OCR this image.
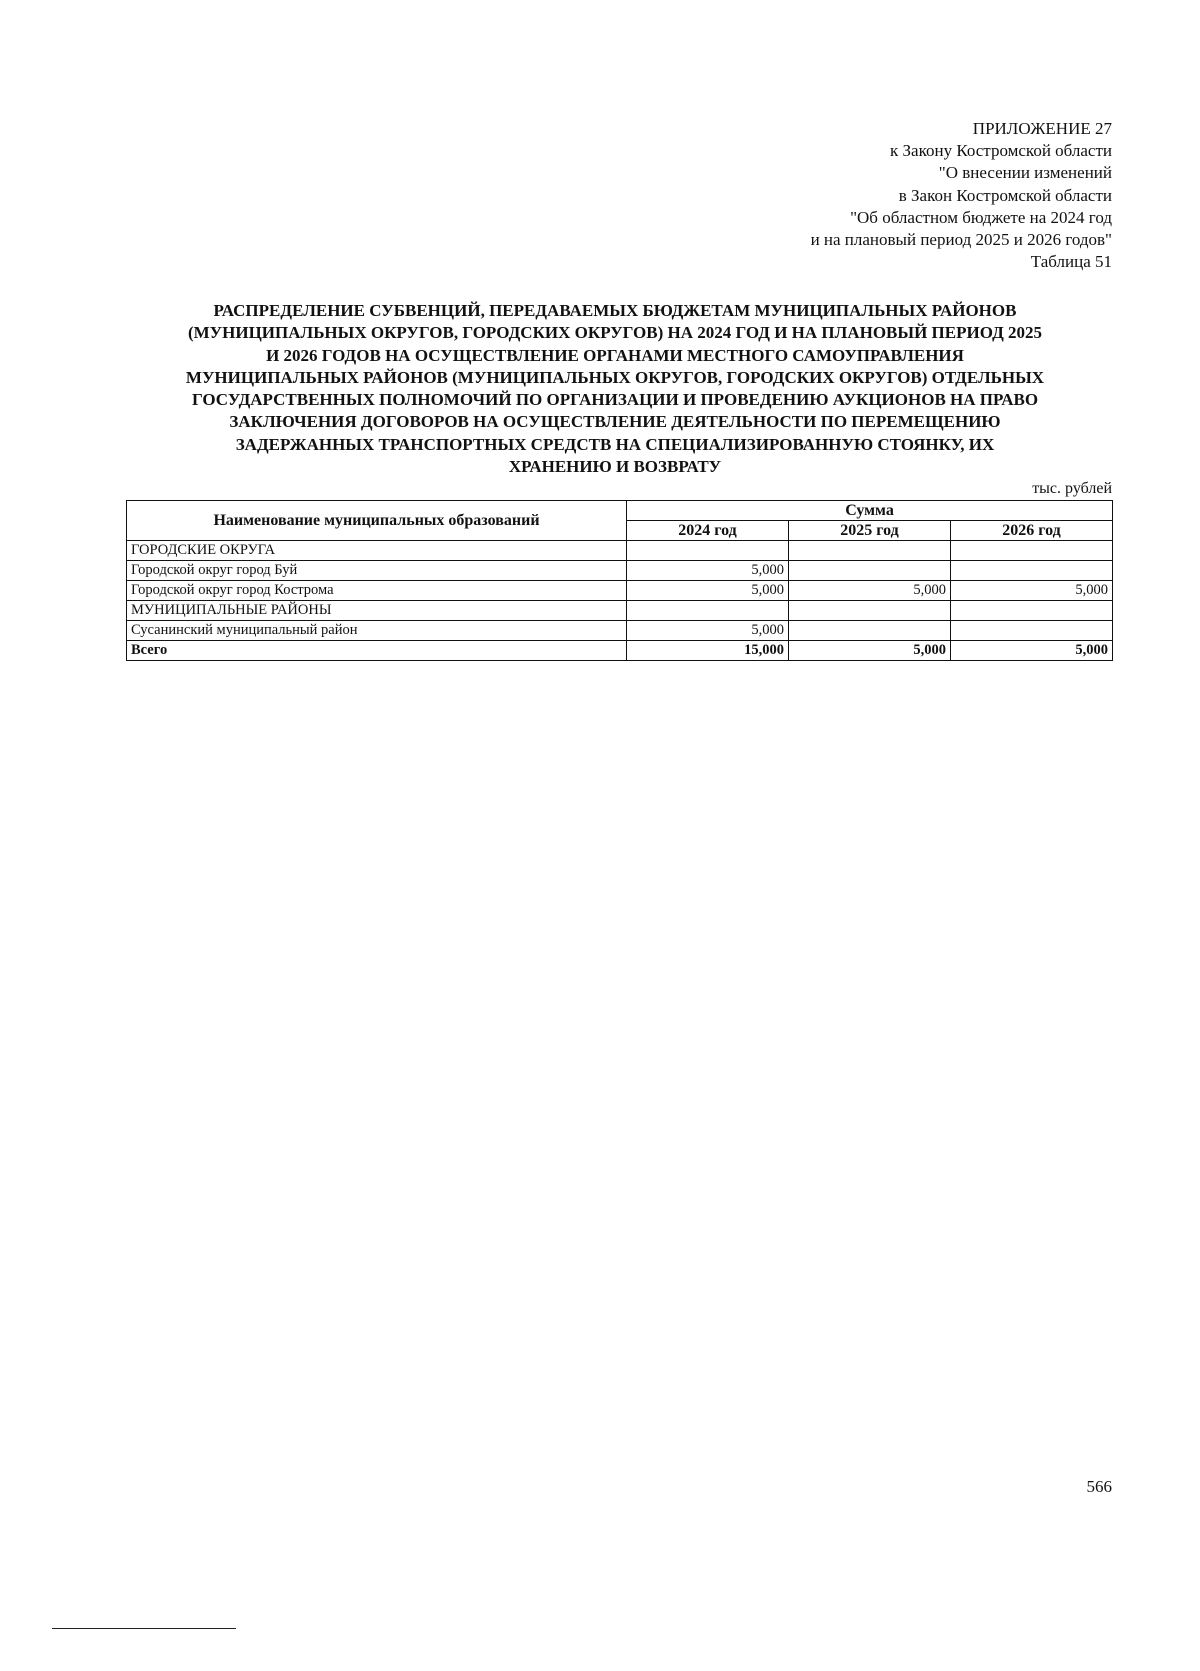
ПРИЛОЖЕНИЕ 27
к Закону Костромской области
"О внесении изменений
в Закон Костромской области
"Об областном бюджете на 2024 год
и на плановый период 2025 и 2026 годов"
Таблица 51
РАСПРЕДЕЛЕНИЕ СУБВЕНЦИЙ, ПЕРЕДАВАЕМЫХ БЮДЖЕТАМ МУНИЦИПАЛЬНЫХ РАЙОНОВ
(МУНИЦИПАЛЬНЫХ ОКРУГОВ, ГОРОДСКИХ ОКРУГОВ) НА 2024 ГОД И НА ПЛАНОВЫЙ ПЕРИОД 2025
И 2026 ГОДОВ НА ОСУЩЕСТВЛЕНИЕ ОРГАНАМИ МЕСТНОГО САМОУПРАВЛЕНИЯ
МУНИЦИПАЛЬНЫХ РАЙОНОВ (МУНИЦИПАЛЬНЫХ ОКРУГОВ, ГОРОДСКИХ ОКРУГОВ) ОТДЕЛЬНЫХ
ГОСУДАРСТВЕННЫХ ПОЛНОМОЧИЙ ПО ОРГАНИЗАЦИИ И ПРОВЕДЕНИЮ АУКЦИОНОВ НА ПРАВО
ЗАКЛЮЧЕНИЯ ДОГОВОРОВ НА ОСУЩЕСТВЛЕНИЕ ДЕЯТЕЛЬНОСТИ ПО ПЕРЕМЕЩЕНИЮ
ЗАДЕРЖАННЫХ ТРАНСПОРТНЫХ СРЕДСТВ НА СПЕЦИАЛИЗИРОВАННУЮ СТОЯНКУ, ИХ
ХРАНЕНИЮ И ВОЗВРАТУ
тыс. рублей
Наименование муниципальных образований	Сумма		
	2024 год	2025 год	2026 год
ГОРОДСКИЕ ОКРУГА			
Городской округ город Буй	5,000		
Городской округ город Кострома	5,000	5,000	5,000
МУНИЦИПАЛЬНЫЕ РАЙОНЫ			
Сусанинский муниципальный район	5,000		
Всего	15,000	5,000	5,000
566
